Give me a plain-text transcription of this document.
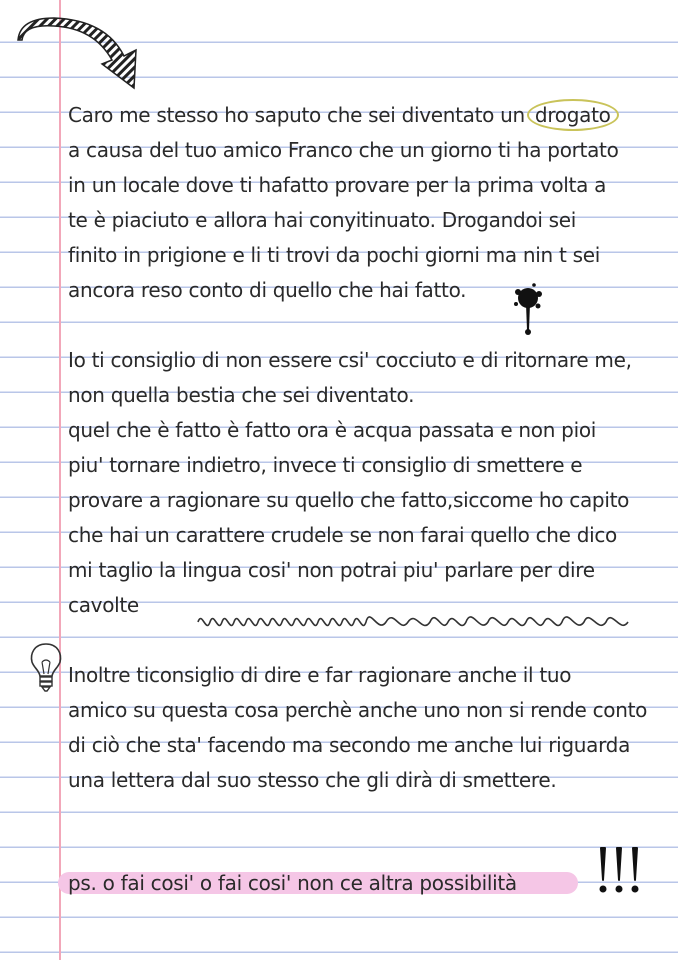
Caro me stesso ho saputo che sei diventato un drogato
a causa del tuo amico Franco che un giorno ti ha portato
in un locale dove ti hafatto provare per la prima volta a
te è piaciuto e allora hai conyitinuato. Drogandoi sei
finito in prigione e li ti trovi da pochi giorni ma nin t sei
ancora reso conto di quello che hai fatto.
Io ti consiglio di non essere csi' cocciuto e di ritornare me,
non quella bestia che sei diventato.
quel che è fatto è fatto ora è acqua passata e non pioi
piu' tornare indietro, invece ti consiglio di smettere e
provare a ragionare su quello che fatto,siccome ho capito
che hai un carattere crudele se non farai quello che dico
mi taglio la lingua cosi' non potrai piu' parlare per dire
cavolte
Inoltre ticonsiglio di dire e far ragionare anche il tuo
amico su questa cosa perchè anche uno non si rende conto
di ciò che sta' facendo ma secondo me anche lui riguarda
una lettera dal suo stesso che gli dirà di smettere.
ps. o fai cosi' o fai cosi' non ce altra possibilità
